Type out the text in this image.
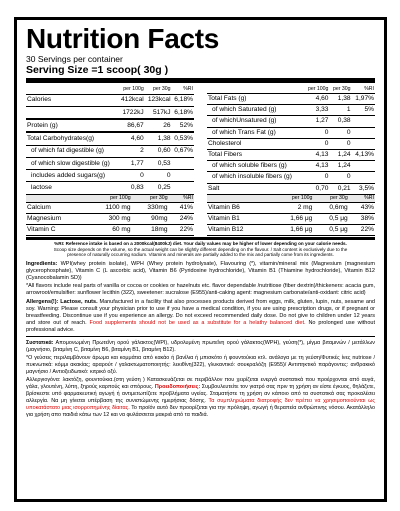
Nutrition Facts
30 Servings per container
Serving Size =1 scoop( 30g )
	per 100g	per 30g	%RI
Calories	412kcal	123kcal	6,18%
	1722kJ	517kJ	6,18%
Protein (g)	86,67	26	52%
Total Carbohydrates(g)	4,60	1,38	0,53%
of which fat digestible (g)	2	0,60	0,67%
of which slow digestible (g)	1,77	0,53	
includes added sugars(g)	0	0	
lactose	0,83	0,25	
	per 100g	per 30g	%RI
Total Fats (g)	4,60	1,38	1,97%
of which Saturated (g)	3,33	1	5%
of whichUnsatured (g)	1,27	0,38	
of which Trans Fat (g)	0	0	
Cholesterol	0	0	
Total Fibers	4,13	1,24	4,13%
of which soluble fibers (g)	4,13	1,24	
of which insoluble fibers (g)	0	0	
Salt	0,70	0,21	3,5%
	per 100g	per 30g	%RI
Calcium	1100 mg	330mg	41%
Magnesium	300 mg	90mg	24%
Vitamin C	60 mg	18mg	22%
	per 100g	per 30g	%RI
Vitamin B6	2 mg	0,6mg	43%
Vitamin B1	1,66 μg	0,5 μg	38%
Vitamin B12	1,66 μg	0,5 μg	22%
%RI: Reference intake is based on a 2000kcal(8400kJ) diet. Your daily values may be higher of lower depending on your calorie needs.
Scoop size depends on the volume, so the actual weight can be slightly different depending on the flavour. / Salt content is exclusively due to the
presence of naturally occurring sodium. Vitamins and minerals are partially added to the mix and partially come from its ingredients.
Ingredients: WPI(whey protein isolate), WPH (Whey protein hydrolysate), Flavouring (*), vitamin/mineral mix (Magnesium (magnesium glycerophosphate), Vitamin C (L ascorbic acid), Vitamin B6 (Pyridoxine hydrochloride), Vitamin B1 (Thiamine hydrochloride), Vitamin B12 (Cyanocobalamin SD))
*All flavors include real parts of vanilla or cocoa or cookies or hazelnuts etc. flavor dependable /nutritiose (fiber dextrin)/thickeners: acacia gum, arrowroot/emulsifier: sunflower lecithin (322), sweetener: sucralose (E955)/anti-caking agent: magnesium carbonate/anti-oxidant: citric acid)
Allergens(!): Lactose, nuts. Manufactured in a facility that also processes products derived from eggs, milk, gluten, lupin, nuts, sesame and soy. Warning: Please consult your physician prior to use if you have a medical condition, if you are using prescription drugs, or if pregnant or breastfeeding. Discontinue use if you experience an allergy. Do not exceed recommended daily dose. Do not give to children under 12 years and store out of reach. Food supplements should not be used as a substitute for a helathy balanced diet. No prolonged use without professional advice.
Συστατικά: Απομονωμένη Πρωτεΐνη ορού γάλακτος(WPI), υδρολυμένη πρωτεΐνη ορού γάλακτος(WPH), γεύση(*), μίγμα βιταμινών / μετάλλων (μαγνήσιο, βιταμίνη C, βιταμίνη B6, βιταμίνη B1, βιταμίνη B12).
*Ο γεύσεις περιλαμβάνουν άρωμα και κομμάτια από κακάο ή βανίλια ή μπισκότο ή φουντούκια κτλ. ανάλογα με τη γεύση/Φυτικές ίνες nutriose / πυκνωτικά: κόμμι ακακίας; αραρούτ / γαλακτωματοποιητής: λεκιθίνη(322), γλυκαντικό: σουκραλόζη (E955)/ Αντιπηκτικό παράγοντες: ανθρακικό μαγνήσιο / Αντιοξειδωτικό: κιτρικό οξύ.
Αλλεργιογόνα: λακτόζη, φουντούκια.(στη γεύση ) Κατασκευάζεται σε περιβάλλον που χειρίζεται ενεργά συστατικά που προέρχονται από αυγά, γάλα, γλουτένη, λύπη, ξηρούς καρπούς και σπόρους. Προειδοποιήσεις: Συμβουλευτείτε τον γιατρό σας πριν τη χρήση αν είστε έγκυος, θηλάζετε, βρίσκεστε υπό φαρμακευτική αγωγή ή αντιμετωπίζετε προβλήματα υγείας. Σταματήστε τη χρήση αν κάποιο από τα συστατικά σας προκαλέσει αλλεργία. Να μη γίνεται υπέρβαση της συνιστώμενης ημερήσιας δόσης. Τα συμπληρώματα διατροφής δεν πρέπει να χρησιμοποιούνται ως υποκατάστατο μιας ισορροπημένης δίαιτας. Το προϊόν αυτό δεν προορίζεται για την πρόληψη, αγωγή ή θεραπεία ανθρώπινης νόσου. Ακατάλληλο για χρήση απο παιδιά κάτω των 12 και να φυλάσσεται μακριά από τα παιδιά.
